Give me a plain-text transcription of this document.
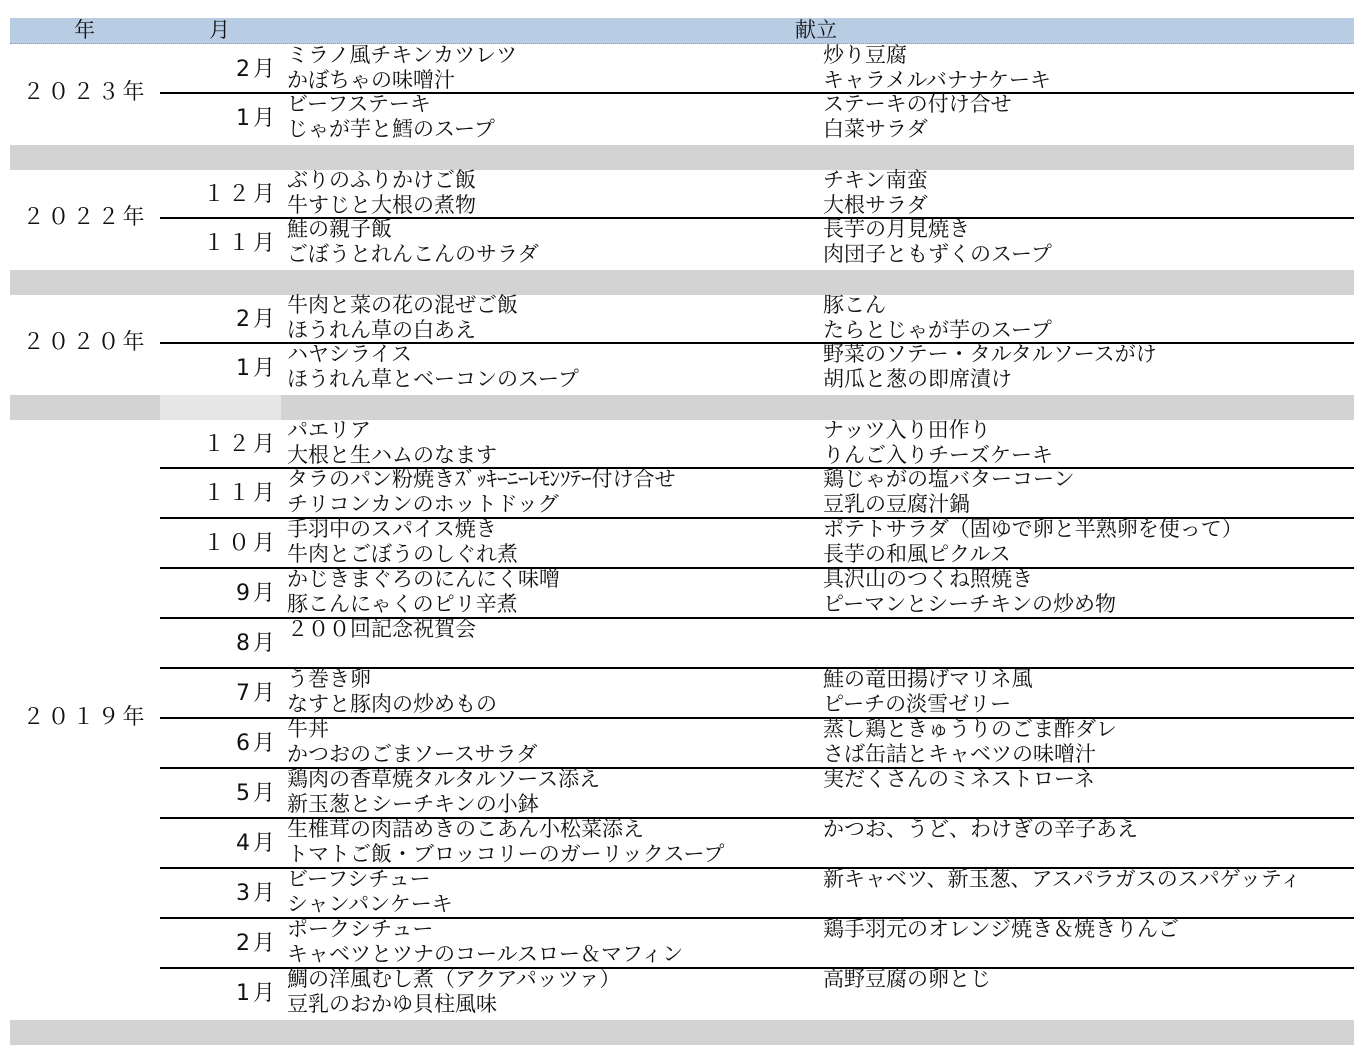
年	月	献立
２０２３年
2月
ミラノ風チキンカツレツ
かぼちゃの味噌汁
炒り豆腐
キャラメルバナナケーキ
1月
ビーフステーキ
じゃが芋と鱈のスープ
ステーキの付け合せ
白菜サラダ
２０２２年
１２月
ぶりのふりかけご飯
牛すじと大根の煮物
チキン南蛮
大根サラダ
１１月
鮭の親子飯
ごぼうとれんこんのサラダ
長芋の月見焼き
肉団子ともずくのスープ
２０２０年
2月
牛肉と菜の花の混ぜご飯
ほうれん草の白あえ
豚こん
たらとじゃが芋のスープ
1月
ハヤシライス
ほうれん草とベーコンのスープ
野菜のソテー・タルタルソースがけ
胡瓜と葱の即席漬け
２０１９年
１２月
パエリア
大根と生ハムのなます
ナッツ入り田作り
りんご入りチーズケーキ
１１月
タラのパン粉焼きｽﾞｯｷｰﾆｰﾚﾓﾝｿﾃｰ付け合せ
チリコンカンのホットドッグ
鶏じゃがの塩バターコーン
豆乳の豆腐汁鍋
１０月
手羽中のスパイス焼き
牛肉とごぼうのしぐれ煮
ポテトサラダ（固ゆで卵と半熟卵を使って）
長芋の和風ピクルス
9月
かじきまぐろのにんにく味噌
豚こんにゃくのピリ辛煮
具沢山のつくね照焼き
ピーマンとシーチキンの炒め物
8月
２００回記念祝賀会
7月
う巻き卵
なすと豚肉の炒めもの
鮭の竜田揚げマリネ風
ピーチの淡雪ゼリー
6月
牛丼
かつおのごまソースサラダ
蒸し鶏ときゅうりのごま酢ダレ
さば缶詰とキャベツの味噌汁
5月
鶏肉の香草焼タルタルソース添え
新玉葱とシーチキンの小鉢
実だくさんのミネストローネ
4月
生椎茸の肉詰めきのこあん小松菜添え
トマトご飯・ブロッコリーのガーリックスープ
かつお、うど、わけぎの辛子あえ
3月
ビーフシチュー
シャンパンケーキ
新キャベツ、新玉葱、アスパラガスのスパゲッティ
2月
ポークシチュー
キャベツとツナのコールスロー＆マフィン
鶏手羽元のオレンジ焼き＆焼きりんご
1月
鯛の洋風むし煮（アクアパッツァ）
豆乳のおかゆ貝柱風味
高野豆腐の卵とじ
